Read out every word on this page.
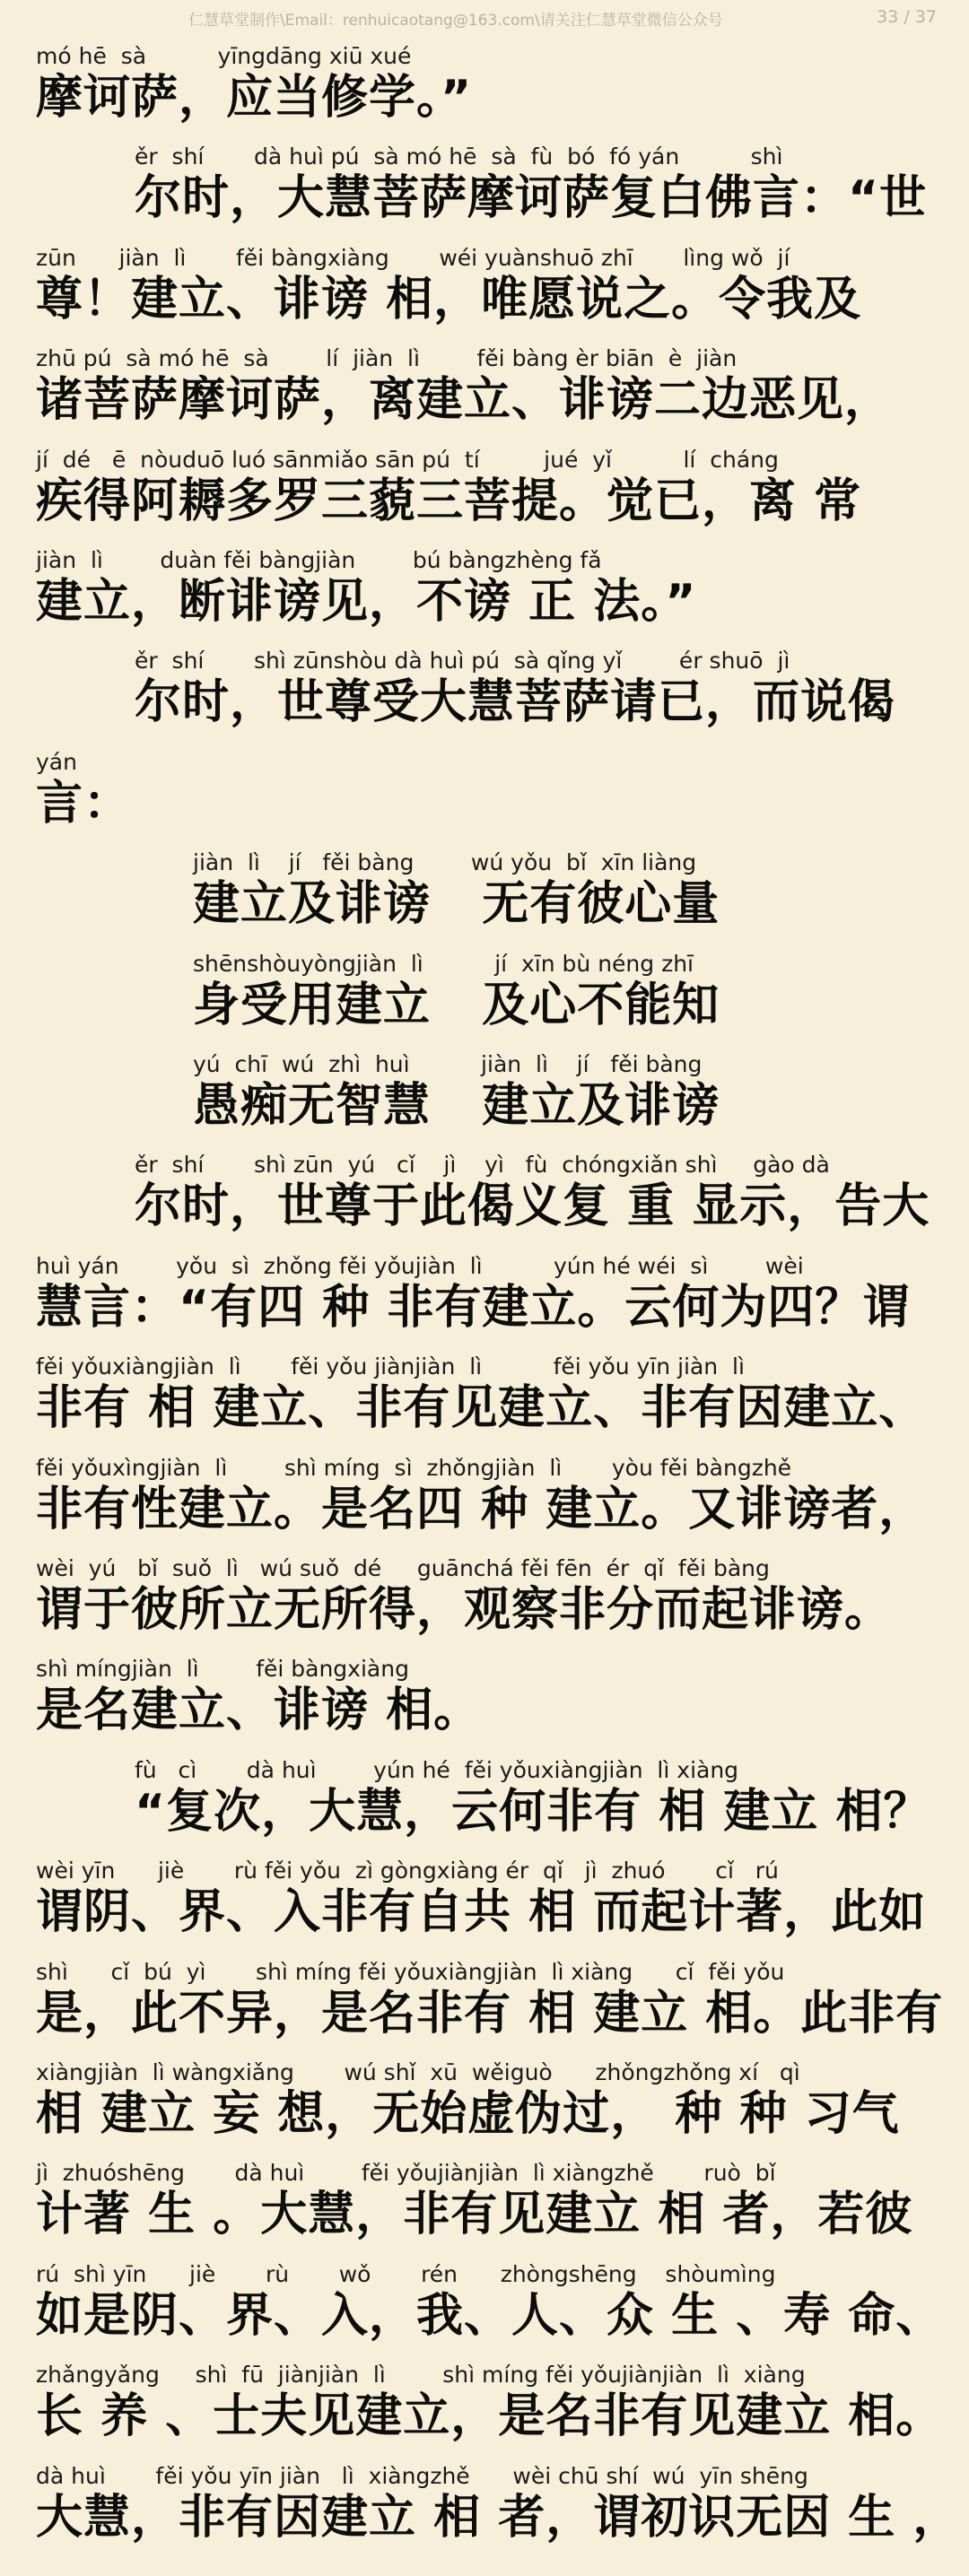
仁慧草堂制作\Email：renhuicaotang@163.com\请关注仁慧草堂微信公众号	33 / 37
mó hē  sà          yīngdāng xiū xué
摩诃萨，应当修学。”
ěr  shí       dà huì pú  sà mó hē  sà  fù  bó  fó yán          shì
尔时，大慧菩萨摩诃萨复白佛言：“世
zūn      jiàn  lì       fěi bàngxiàng       wéi yuànshuō zhī       lìng wǒ  jí
尊！建立、诽谤 相，唯愿说之。令我及
zhū pú  sà mó hē  sà        lí  jiàn  lì        fěi bàng èr biān  è  jiàn
诸菩萨摩诃萨，离建立、诽谤二边恶见，
jí  dé   ē  nòuduō luó sānmiǎo sān pú  tí         jué  yǐ          lí  cháng
疾得阿耨多罗三藐三菩提。觉已，离 常
jiàn  lì        duàn fěi bàngjiàn        bú bàngzhèng fǎ
建立，断诽谤见，不谤 正 法。”
ěr  shí       shì zūnshòu dà huì pú  sà qǐng yǐ        ér shuō  jì
尔时，世尊受大慧菩萨请已，而说偈
yán
言：
jiàn  lì    jí   fěi bàng        wú yǒu  bǐ  xīn liàng
建立及诽谤   无有彼心量
shēnshòuyòngjiàn  lì          jí  xīn bù néng zhī
身受用建立   及心不能知
yú  chī  wú  zhì  huì          jiàn  lì    jí   fěi bàng
愚痴无智慧   建立及诽谤
ěr  shí       shì zūn  yú   cǐ    jì    yì   fù  chóngxiǎn shì     gào dà
尔时，世尊于此偈义复 重 显示，告大
huì yán        yǒu  sì  zhǒng fěi yǒujiàn  lì          yún hé wéi  sì        wèi
慧言：“有四 种 非有建立。云何为四？谓
fěi yǒuxiàngjiàn  lì       fěi yǒu jiànjiàn  lì          fěi yǒu yīn jiàn  lì
非有 相 建立、非有见建立、非有因建立、
fěi yǒuxìngjiàn  lì        shì míng  sì  zhǒngjiàn  lì       yòu fěi bàngzhě
非有性建立。是名四 种 建立。又诽谤者，
wèi  yú   bǐ  suǒ  lì   wú suǒ  dé     guānchá fěi fēn  ér  qǐ  fěi bàng
谓于彼所立无所得，观察非分而起诽谤。
shì míngjiàn  lì        fěi bàngxiàng
是名建立、诽谤 相。
fù   cì       dà huì        yún hé  fěi yǒuxiàngjiàn  lì xiàng
“复次，大慧，云何非有 相 建立 相？
wèi yīn      jiè       rù fěi yǒu  zì gòngxiàng ér  qǐ   jì  zhuó       cǐ   rú
谓阴、界、入非有自共 相 而起计著，此如
shì      cǐ  bú  yì       shì míng fěi yǒuxiàngjiàn  lì xiàng      cǐ  fěi yǒu
是，此不异，是名非有 相 建立 相。此非有
xiàngjiàn  lì wàngxiǎng       wú shǐ  xū  wěiguò      zhǒngzhǒng xí   qì
相 建立 妄 想，无始虚伪过， 种 种 习气
jì  zhuóshēng       dà huì        fěi yǒujiànjiàn  lì xiàngzhě       ruò  bǐ
计著 生 。大慧，非有见建立 相 者，若彼
rú  shì yīn      jiè       rù       wǒ       rén      zhòngshēng    shòumìng
如是阴、界、入，我、人、众 生 、寿 命、
zhǎngyǎng     shì  fū  jiànjiàn  lì        shì míng fěi yǒujiànjiàn  lì  xiàng
长 养 、士夫见建立，是名非有见建立 相。
dà huì       fěi yǒu yīn jiàn   lì  xiàngzhě      wèi chū shí  wú  yīn shēng
大慧，非有因建立 相 者，谓初识无因 生 ，
